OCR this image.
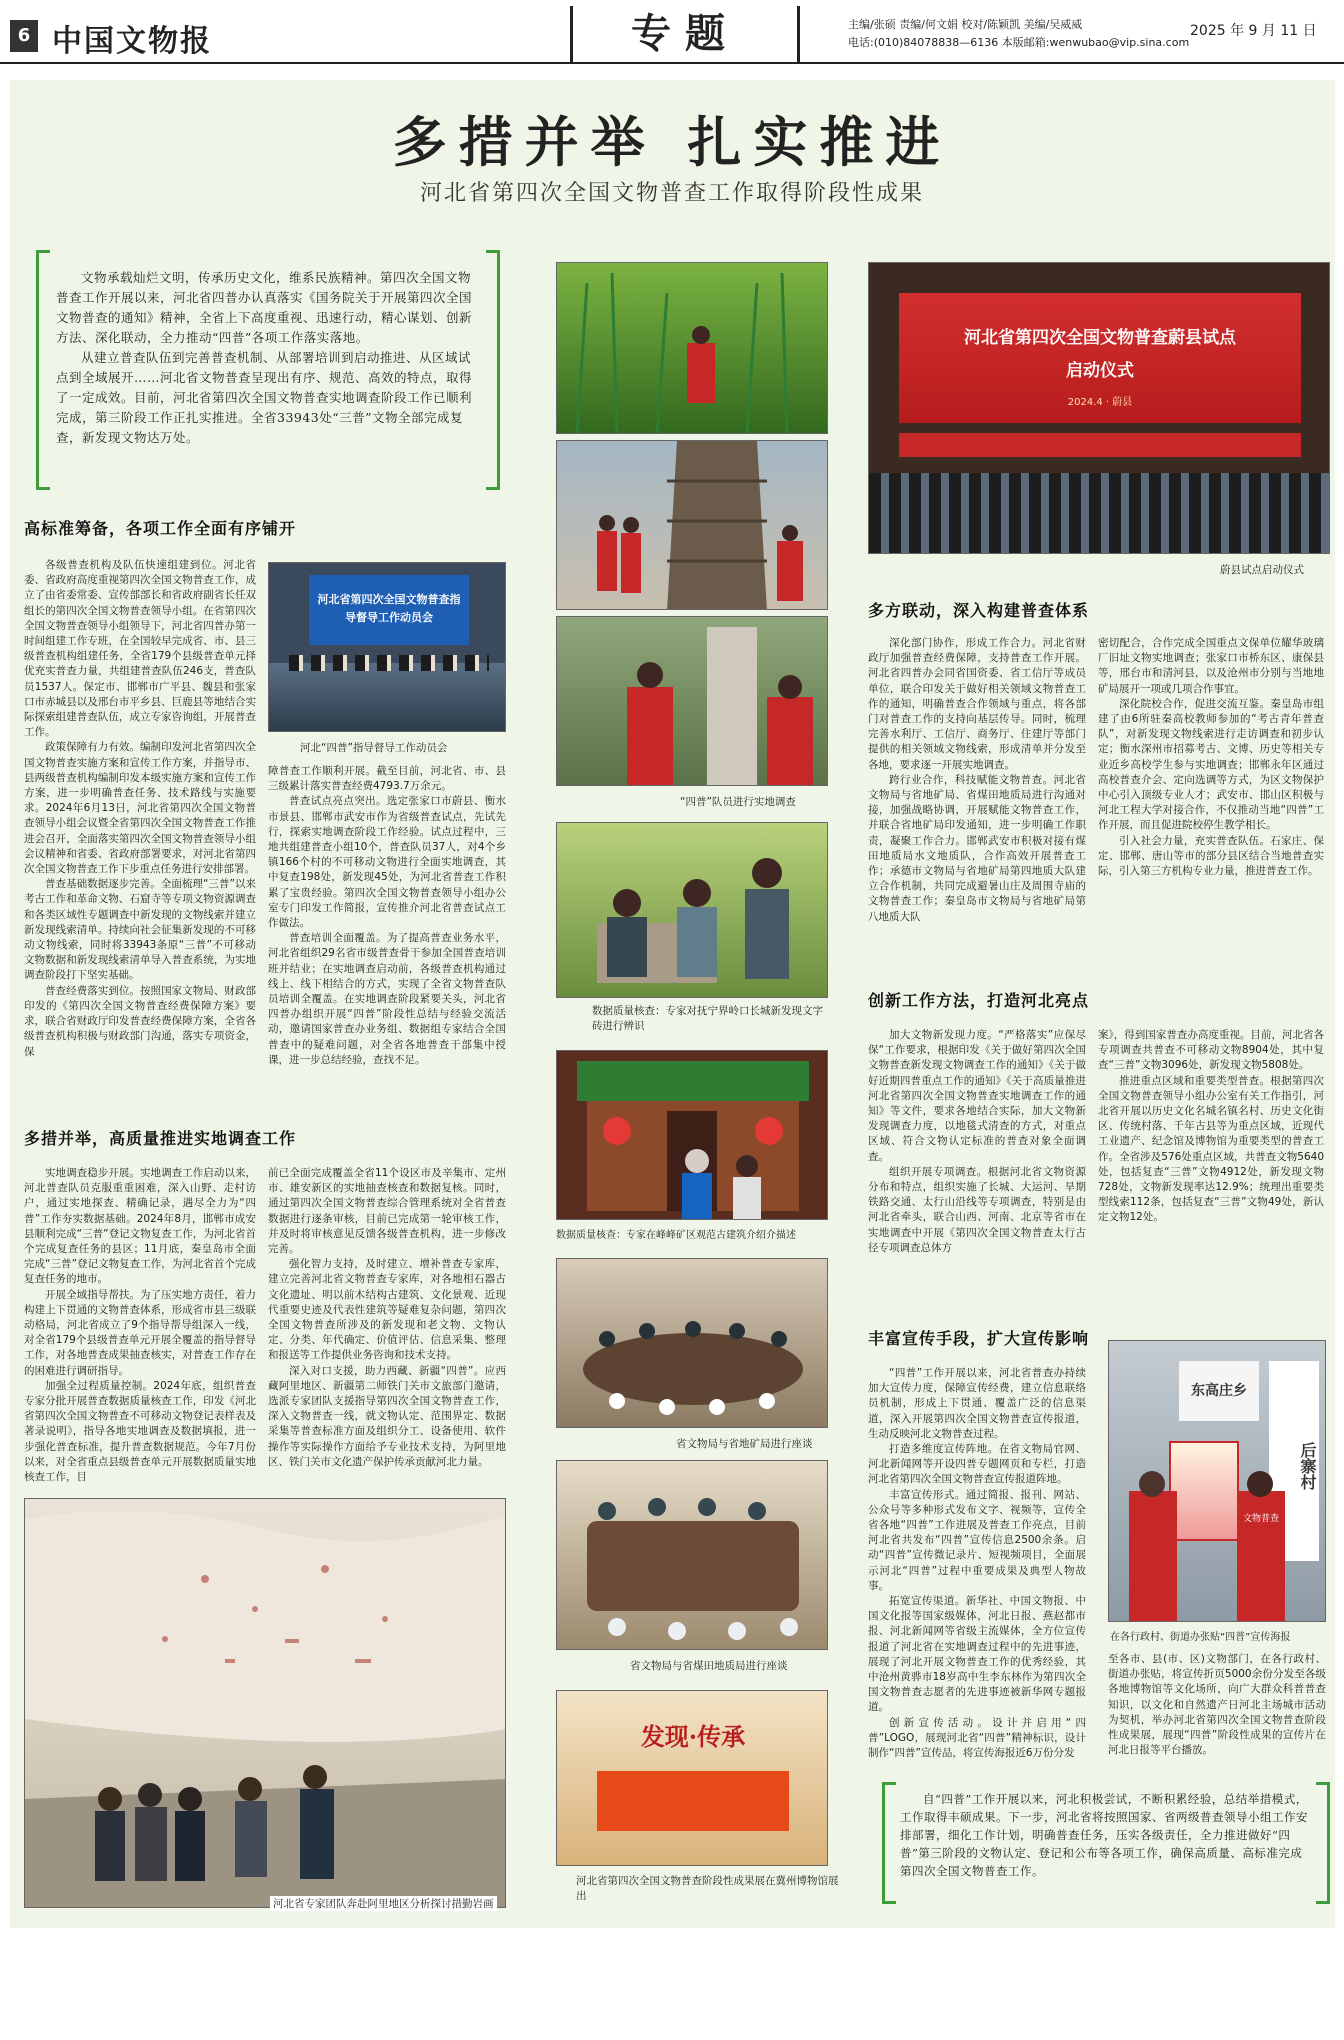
6 中国文物报	专题	主编/张硕 责编/何文娟 校对/陈颖凯 美编/吴威威
电话:(010)84078838—6136 本版邮箱:wenwubao@vip.sina.com
2025 年 9 月 11 日
多措并举 扎实推进
河北省第四次全国文物普查工作取得阶段性成果

文物承载灿烂文明，传承历史文化，维系民族精神。第四次全国文物普查工作开展以来，河北省四普办认真落实《国务院关于开展第四次全国文物普查的通知》精神，全省上下高度重视、迅速行动，精心谋划、创新方法、深化联动，全力推动“四普”各项工作落实落地。

从建立普查队伍到完善普查机制、从部署培训到启动推进、从区域试点到全域展开……河北省文物普查呈现出有序、规范、高效的特点，取得了一定成效。目前，河北省第四次全国文物普查实地调查阶段工作已顺利完成，第三阶段工作正扎实推进。全省33943处“三普”文物全部完成复查，新发现文物达万处。

高标准筹备，各项工作全面有序铺开

各级普查机构及队伍快速组建到位。河北省委、省政府高度重视第四次全国文物普查工作，成立了由省委常委、宣传部部长和省政府副省长任双组长的第四次全国文物普查领导小组。在省第四次全国文物普查领导小组领导下，河北省四普办第一时间组建工作专班，在全国较早完成省、市、县三级普查机构组建任务，全省179个县级普查单元择优充实普查力量，共组建普查队伍246支，普查队员1537人。保定市、邯郸市广平县、魏县和张家口市赤城县以及邢台市平乡县、巨鹿县等地结合实际探索组建普查队伍，成立专家咨询组，开展普查工作。

政策保障有力有效。编制印发河北省第四次全国文物普查实施方案和宣传工作方案，并指导市、县两级普查机构编制印发本级实施方案和宣传工作方案，进一步明确普查任务、技术路线与实施要求。2024年6月13日，河北省第四次全国文物普查领导小组会议暨全省第四次全国文物普查工作推进会召开，全面落实第四次全国文物普查领导小组会议精神和省委、省政府部署要求，对河北省第四次全国文物普查工作下步重点任务进行安排部署。

普查基础数据逐步完善。全面梳理“三普”以来考古工作和革命文物、石窟寺等专项文物资源调查和各类区域性专题调查中新发现的文物线索并建立新发现线索清单。持续向社会征集新发现的不可移动文物线索，同时将33943条原“三普”不可移动文物数据和新发现线索清单导入普查系统，为实地调查阶段打下坚实基础。

普查经费落实到位。按照国家文物局、财政部印发的《第四次全国文物普查经费保障方案》要求，联合省财政厅印发普查经费保障方案，全省各级普查机构积极与财政部门沟通，落实专项资金，保

河北省第四次全国文物普查指导督导工作动员会
河北“四普”指导督导工作动员会

障普查工作顺利开展。截至目前，河北省、市、县三级累计落实普查经费4793.7万余元。

普查试点亮点突出。选定张家口市蔚县、衡水市景县、邯郸市武安市作为省级普查试点，先试先行，探索实地调查阶段工作经验。试点过程中，三地共组建普查小组10个，普查队员37人，对4个乡镇166个村的不可移动文物进行全面实地调查，其中复查198处，新发现45处，为河北省普查工作积累了宝贵经验。第四次全国文物普查领导小组办公室专门印发工作简报，宣传推介河北省普查试点工作做法。

普查培训全面覆盖。为了提高普查业务水平，河北省组织29名省市级普查骨干参加全国普查培训班并结业；在实地调查启动前，各级普查机构通过线上、线下相结合的方式，实现了全省文物普查队员培训全覆盖。在实地调查阶段紧要关头，河北省四普办组织开展“四普”阶段性总结与经验交流活动，邀请国家普查办业务组、数据组专家结合全国普查中的疑难问题，对全省各地普查干部集中授课，进一步总结经验，查找不足。

多措并举，高质量推进实地调查工作

实地调查稳步开展。实地调查工作启动以来，河北普查队员克服重重困难，深入山野、走村访户，通过实地探查、精确记录，遇尽全力为“四普”工作夯实数据基础。2024年8月，邯郸市成安县顺利完成“三普”登记文物复查工作，为河北省首个完成复查任务的县区；11月底，秦皇岛市全面完成“三普”登记文物复查工作，为河北省首个完成复查任务的地市。

开展全域指导帮扶。为了压实地方责任，着力构建上下贯通的文物普查体系，形成省市县三级联动格局，河北省成立了9个指导帮导组深入一线，对全省179个县级普查单元开展全覆盖的指导督导工作，对各地普查成果抽查核实，对普查工作存在的困难进行调研指导。

加强全过程质量控制。2024年底，组织普查专家分批开展普查数据质量核查工作，印发《河北省第四次全国文物普查不可移动文物登记表样表及著录说明》，指导各地实地调查及数据填报，进一步强化普查标准，提升普查数据规范。今年7月份以来，对全省重点县级普查单元开展数据质量实地核查工作，目

前已全面完成覆盖全省11个设区市及辛集市、定州市、雄安新区的实地抽查核查和数据复核。同时，通过第四次全国文物普查综合管理系统对全省普查数据进行逐条审核，目前已完成第一轮审核工作，并及时将审核意见反馈各级普查机构，进一步修改完善。

强化智力支持，及时建立、增补普查专家库，建立完善河北省文物普查专家库，对各地相石器古文化遗址、明以前木结构古建筑、文化景观、近现代重要史迹及代表性建筑等疑难复杂问题，第四次全国文物普查所涉及的新发现和老文物、文物认定、分类、年代确定、价值评估、信息采集、整理和报送等工作提供业务咨询和技术支持。

深入对口支援，助力西藏、新疆“四普”。应西藏阿里地区、新疆第二师铁门关市文旅部门邀请，选派专家团队支援指导第四次全国文物普查工作，深入文物普查一线，就文物认定、范围界定、数据采集等普查标准方面及组织分工、设备使用、软件操作等实际操作方面给予专业技术支持，为阿里地区、铁门关市文化遗产保护传承贡献河北力量。

河北省专家团队奔赴阿里地区分析探讨措勤岩画
“四普”队员进行实地调查
数据质量核查：专家对抚宁界岭口长城新发现文字砖进行辨识
数据质量核查：专家在峰峰矿区观范古建筑介绍介描述
省文物局与省地矿局进行座谈
省文物局与省煤田地质局进行座谈
发现·传承
河北省第四次全国文物普查阶段性成果展在冀州博物馆展出
河北省第四次全国文物普查蔚县试点
启动仪式
2024.4 · 蔚县
蔚县试点启动仪式
多方联动，深入构建普查体系

深化部门协作，形成工作合力。河北省财政厅加强普查经费保障，支持普查工作开展。河北省四普办会同省国资委、省工信厅等成员单位，联合印发关于做好相关领域文物普查工作的通知，明确普查合作领域与重点，将各部门对普查工作的支持向基层传导。同时，梳理完善水利厅、工信厅、商务厅、住建厅等部门提供的相关领域文物线索，形成清单并分发至各地，要求逐一开展实地调查。

跨行业合作，科技赋能文物普查。河北省文物局与省地矿局、省煤田地质局进行沟通对接，加强战略协调，开展赋能文物普查工作，并联合省地矿局印发通知，进一步明确工作职责，凝聚工作合力。邯郸武安市积极对接有煤田地质局水文地质队，合作高效开展普查工作；承德市文物局与省地矿局第四地质大队建立合作机制，共同完成避暑山庄及周围寺庙的文物普查工作；秦皇岛市文物局与省地矿局第八地质大队

密切配合，合作完成全国重点文保单位耀华玻璃厂旧址文物实地调查；张家口市桥东区、康保县等，邢台市和清河县，以及沧州市分别与当地地矿局展开一项或几项合作事宜。

深化院校合作，促进交流互鉴。秦皇岛市组建了由6所驻秦高校教师参加的“考古青年普查队”，对新发现文物线索进行走访调查和初步认定；衡水深州市招募考古、文博、历史等相关专业近乡高校学生参与实地调查；邯郸永年区通过高校普查介会、定向选调等方式，为区文物保护中心引入顶级专业人才；武安市、邯山区积极与河北工程大学对接合作，不仅推动当地“四普”工作开展，而且促进院校停生教学相长。

引入社会力量，充实普查队伍。石家庄、保定、邯郸、唐山等市的部分县区结合当地普查实际，引入第三方机构专业力量，推进普查工作。

创新工作方法，打造河北亮点

加大文物新发现力度。“严格落实”应保尽保“工作要求，根据印发《关于做好第四次全国文物普查新发现文物调查工作的通知》《关于做好近期四普重点工作的通知》《关于高质量推进河北省第四次全国文物普查实地调查工作的通知》等文件，要求各地结合实际，加大文物新发现调查力度，以地毯式清查的方式，对重点区域、符合文物认定标准的普查对象全面调查。

组织开展专项调查。根据河北省文物资源分布和特点，组织实施了长城、大运河、旱期铁路交通、太行山沿线等专项调查，特别是由河北省牵头，联合山西、河南、北京等省市在实地调查中开展《第四次全国文物普查太行古径专项调查总体方

案》，得到国家普查办高度重视。目前，河北省各专项调查共普查不可移动文物8904处，其中复查“三普”文物3096处，新发现文物5808处。

推进重点区域和重要类型普查。根据第四次全国文物普查领导小组办公室有关工作指引，河北省开展以历史文化名城名镇名村、历史文化街区、传统村落、千年古县等为重点区域，近现代工业遗产、纪念馆及博物馆为重要类型的普查工作。全省涉及576处重点区域，共普查文物5640处，包括复查“三普”文物4912处，新发现文物728处，文物新发现率达12.9%；统理出重要类型线索112条，包括复查“三普”文物49处，新认定文物12处。

丰富宣传手段，扩大宣传影响

“四普”工作开展以来，河北省普查办持续加大宣传力度，保障宣传经费，建立信息联络员机制，形成上下贯通、覆盖广泛的信息渠道，深入开展第四次全国文物普查宣传报道，生动反映河北文物普查过程。

打造多维度宣传阵地。在省文物局官网、河北新闻网等开设四普专题网页和专栏，打造河北省第四次全国文物普查宣传报道阵地。

丰富宣传形式。通过简报、报刊、网站、公众号等多种形式发布文字、视频等，宣传全省各地“四普”工作进展及普查工作亮点，目前河北省共发布“四普”宣传信息2500余条。启动“四普”宣传微记录片、短视频项目，全面展示河北“四普”过程中重要成果及典型人物故事。

拓宽宣传渠道。新华社、中国文物报、中国文化报等国家级媒体，河北日报、燕赵都市报、河北新闻网等省级主流媒体，全方位宣传报道了河北省在实地调查过程中的先进事迹，展现了河北开展文物普查工作的优秀经验，其中沧州黄骅市18岁高中生李东林作为第四次全国文物普查志愿者的先进事迹被新华网专题报道。

创新宣传活动。设计并启用“四普”LOGO，展现河北省“四普”精神标识，设计制作“四普”宣传品，将宣传海报近6万份分发

东高庄乡
后寨村
文物普查
在各行政村、街道办张贴“四普”宣传海报

至各市、县(市、区)文物部门，在各行政村、街道办张贴，将宣传折页5000余份分发至各级各地博物馆等文化场所，向广大群众科普普查知识，以文化和自然遗产日河北主场城市活动为契机，举办河北省第四次全国文物普查阶段性成果展，展现“四普”阶段性成果的宣传片在河北日报等平台播放。

自“四普”工作开展以来，河北积极尝试，不断积累经验，总结举措模式，工作取得丰硕成果。下一步，河北省将按照国家、省两级普查领导小组工作安排部署，细化工作计划，明确普查任务，压实各级责任，全力推进做好“四普”第三阶段的文物认定、登记和公布等各项工作，确保高质量、高标准完成第四次全国文物普查工作。
